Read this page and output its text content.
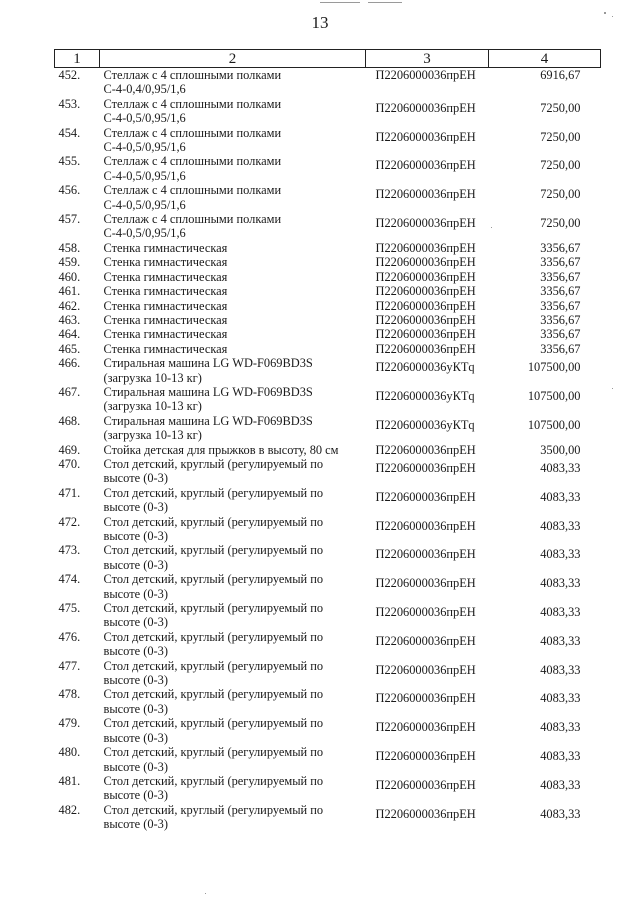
13
1	2	3	4
452.	Стеллаж с 4 сплошными полками
С-4-0,4/0,95/1,6	П2206000036прЕН	6916,67
453.	Стеллаж с 4 сплошными полками
С-4-0,5/0,95/1,6	П2206000036прЕН	7250,00
454.	Стеллаж с 4 сплошными полками
С-4-0,5/0,95/1,6	П2206000036прЕН	7250,00
455.	Стеллаж с 4 сплошными полками
С-4-0,5/0,95/1,6	П2206000036прЕН	7250,00
456.	Стеллаж с 4 сплошными полками
С-4-0,5/0,95/1,6	П2206000036прЕН	7250,00
457.	Стеллаж с 4 сплошными полками
С-4-0,5/0,95/1,6	П2206000036прЕН	7250,00
458.	Стенка гимнастическая	П2206000036прЕН	3356,67
459.	Стенка гимнастическая	П2206000036прЕН	3356,67
460.	Стенка гимнастическая	П2206000036прЕН	3356,67
461.	Стенка гимнастическая	П2206000036прЕН	3356,67
462.	Стенка гимнастическая	П2206000036прЕН	3356,67
463.	Стенка гимнастическая	П2206000036прЕН	3356,67
464.	Стенка гимнастическая	П2206000036прЕН	3356,67
465.	Стенка гимнастическая	П2206000036прЕН	3356,67
466.	Стиральная машина LG WD-F069BD3S
(загрузка 10-13 кг)	П2206000036уКТq	107500,00
467.	Стиральная машина LG WD-F069BD3S
(загрузка 10-13 кг)	П2206000036уКТq	107500,00
468.	Стиральная машина LG WD-F069BD3S
(загрузка 10-13 кг)	П2206000036уКТq	107500,00
469.	Стойка детская для прыжков в высоту, 80 см	П2206000036прЕН	3500,00
470.	Стол детский, круглый (регулируемый по
высоте (0-3)	П2206000036прЕН	4083,33
471.	Стол детский, круглый (регулируемый по
высоте (0-3)	П2206000036прЕН	4083,33
472.	Стол детский, круглый (регулируемый по
высоте (0-3)	П2206000036прЕН	4083,33
473.	Стол детский, круглый (регулируемый по
высоте (0-3)	П2206000036прЕН	4083,33
474.	Стол детский, круглый (регулируемый по
высоте (0-3)	П2206000036прЕН	4083,33
475.	Стол детский, круглый (регулируемый по
высоте (0-3)	П2206000036прЕН	4083,33
476.	Стол детский, круглый (регулируемый по
высоте (0-3)	П2206000036прЕН	4083,33
477.	Стол детский, круглый (регулируемый по
высоте (0-3)	П2206000036прЕН	4083,33
478.	Стол детский, круглый (регулируемый по
высоте (0-3)	П2206000036прЕН	4083,33
479.	Стол детский, круглый (регулируемый по
высоте (0-3)	П2206000036прЕН	4083,33
480.	Стол детский, круглый (регулируемый по
высоте (0-3)	П2206000036прЕН	4083,33
481.	Стол детский, круглый (регулируемый по
высоте (0-3)	П2206000036прЕН	4083,33
482.	Стол детский, круглый (регулируемый по
высоте (0-3)	П2206000036прЕН	4083,33
